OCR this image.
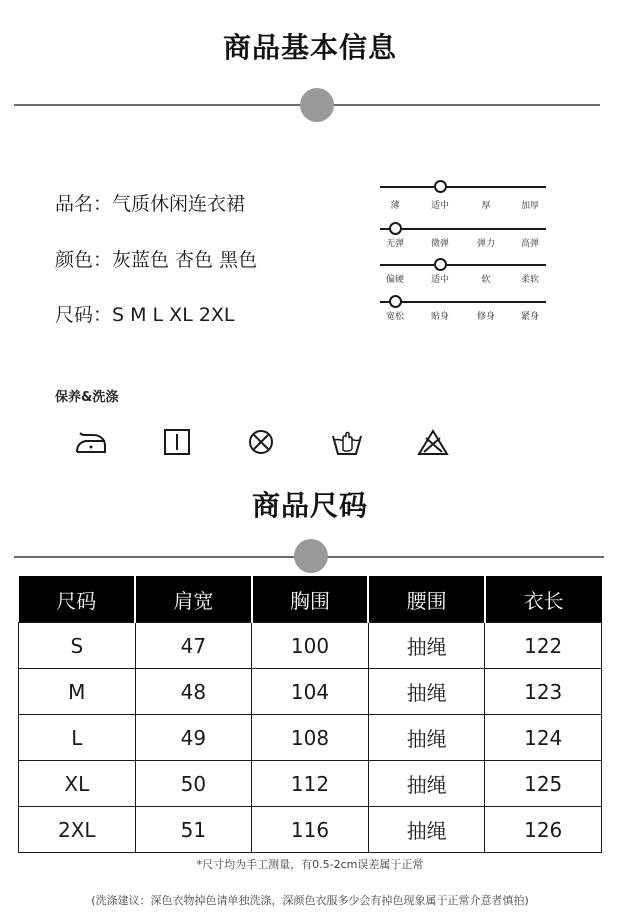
商品基本信息
品名：气质休闲连衣裙
颜色：灰蓝色 杏色 黑色
尺码：S M L XL 2XL
薄	适中	厚	加厚
无弹	微弹	弹力	高弹
偏硬	适中	软	柔软
宽松	贴身	修身	紧身
保养&洗涤
商品尺码
尺码	肩宽	胸围	腰围	衣长
S	47	100	抽绳	122
M	48	104	抽绳	123
L	49	108	抽绳	124
XL	50	112	抽绳	125
2XL	51	116	抽绳	126
*尺寸均为手工测量，有0.5-2cm误差属于正常
(洗涤建议：深色衣物掉色请单独洗涤，深颜色衣服多少会有掉色现象属于正常介意者慎拍)
